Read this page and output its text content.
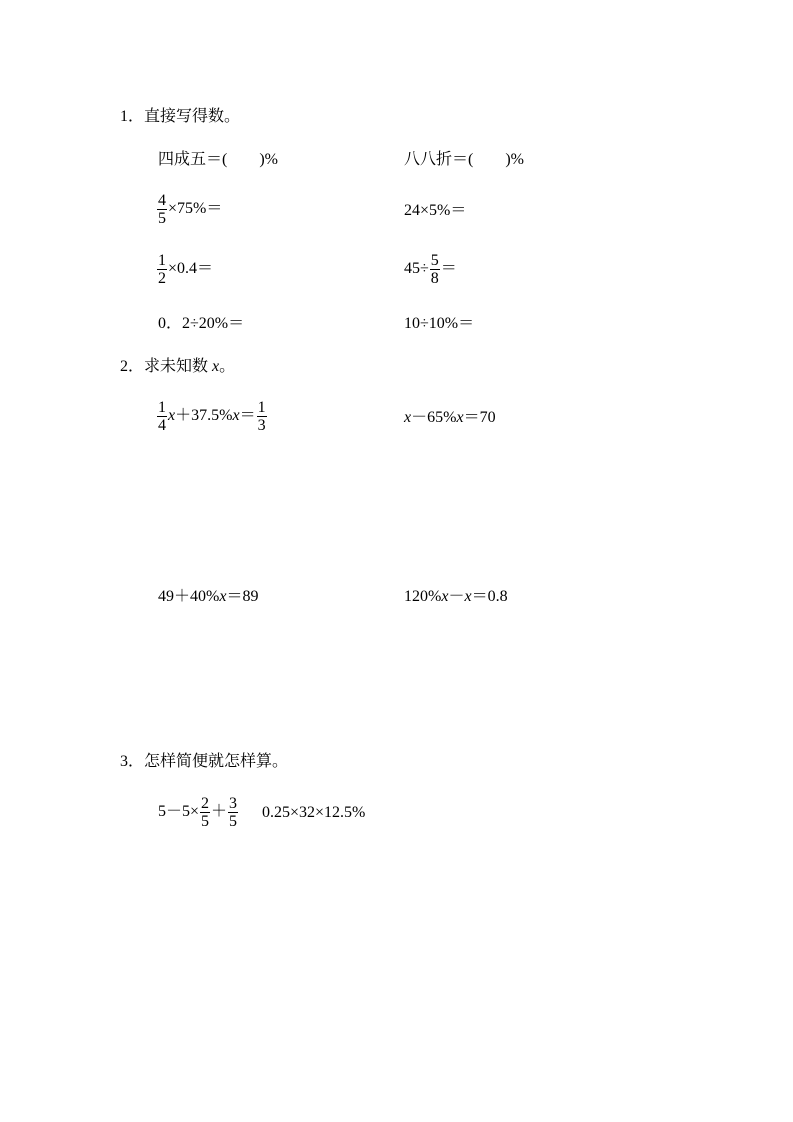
1．直接写得数。
四成五＝(　　)%	八八折＝(　　)%
$\frac{4}{5} \times 75\%=$	24×5%＝
$\frac{1}{2} \times 0.4=$	$45\div \frac{5}{8}$ ＝
0．2÷20%＝	10÷10%＝
2．求未知数 x。
$\frac{1}{4} x+37.5\%x= \frac{1}{3}$	x－65%x＝70
49＋40%x＝89	120%x－x＝0.8
3．怎样简便就怎样算。
$5-5\times \frac{2}{5} + \frac{3}{5} 0.25\times 32\times 12.5\%$
